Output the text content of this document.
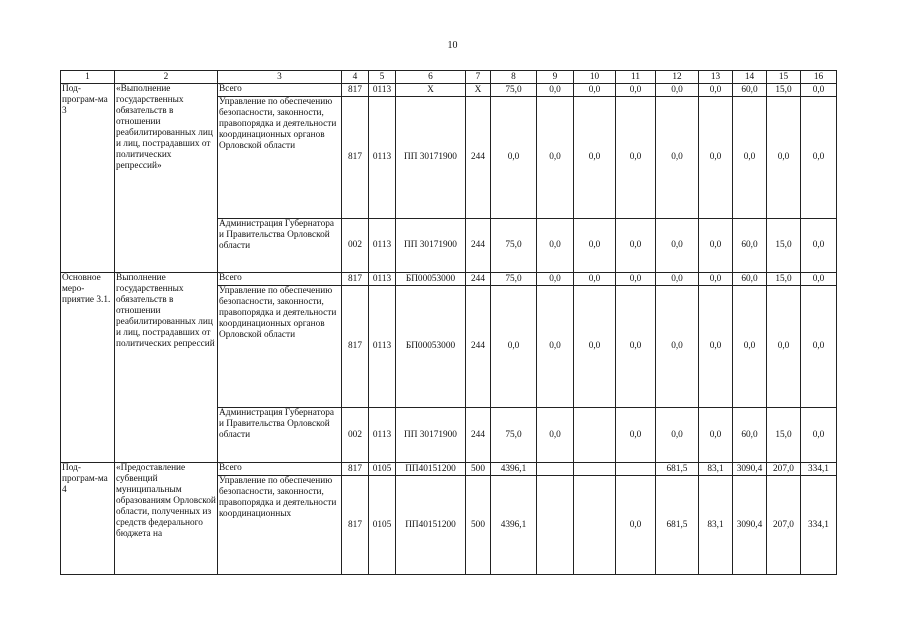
10
1	2	3	4	5	6	7	8	9	10	11	12	13	14	15	16
Под-програм-ма 3	«Выполнение государственных обязательств в отношении реабилитированных лиц и лиц, пострадавших от политических репрессий»	Всего	817	0113	Х	Х	75,0	0,0	0,0	0,0	0,0	0,0	60,0	15,0	0,0
		Управление по обеспечению безопасности, законности, правопорядка и деятельности координационных органов Орловской области	817	0113	ПП 30171900	244	0,0	0,0	0,0	0,0	0,0	0,0	0,0	0,0	0,0
		Администрация Губернатора и Правительства Орловской области	002	0113	ПП 30171900	244	75,0	0,0	0,0	0,0	0,0	0,0	60,0	15,0	0,0
Основное меро-приятие 3.1.	Выполнение государственных обязательств в отношении реабилитированных лиц и лиц, пострадавших от политических репрессий	Всего	817	0113	БП00053000	244	75,0	0,0	0,0	0,0	0,0	0,0	60,0	15,0	0,0
		Управление по обеспечению безопасности, законности, правопорядка и деятельности координационных органов Орловской области	817	0113	БП00053000	244	0,0	0,0	0,0	0,0	0,0	0,0	0,0	0,0	0,0
		Администрация Губернатора и Правительства Орловской области	002	0113	ПП 30171900	244	75,0	0,0		0,0	0,0	0,0	60,0	15,0	0,0
Под-програм-ма 4	«Предоставление субвенций муниципальным образованиям Орловской области, полученных из средств федерального бюджета на	Всего	817	0105	ПП40151200	500	4396,1				681,5	83,1	3090,4	207,0	334,1
		Управление по обеспечению безопасности, законности, правопорядка и деятельности координационных	817	0105	ПП40151200	500	4396,1			0,0	681,5	83,1	3090,4	207,0	334,1
